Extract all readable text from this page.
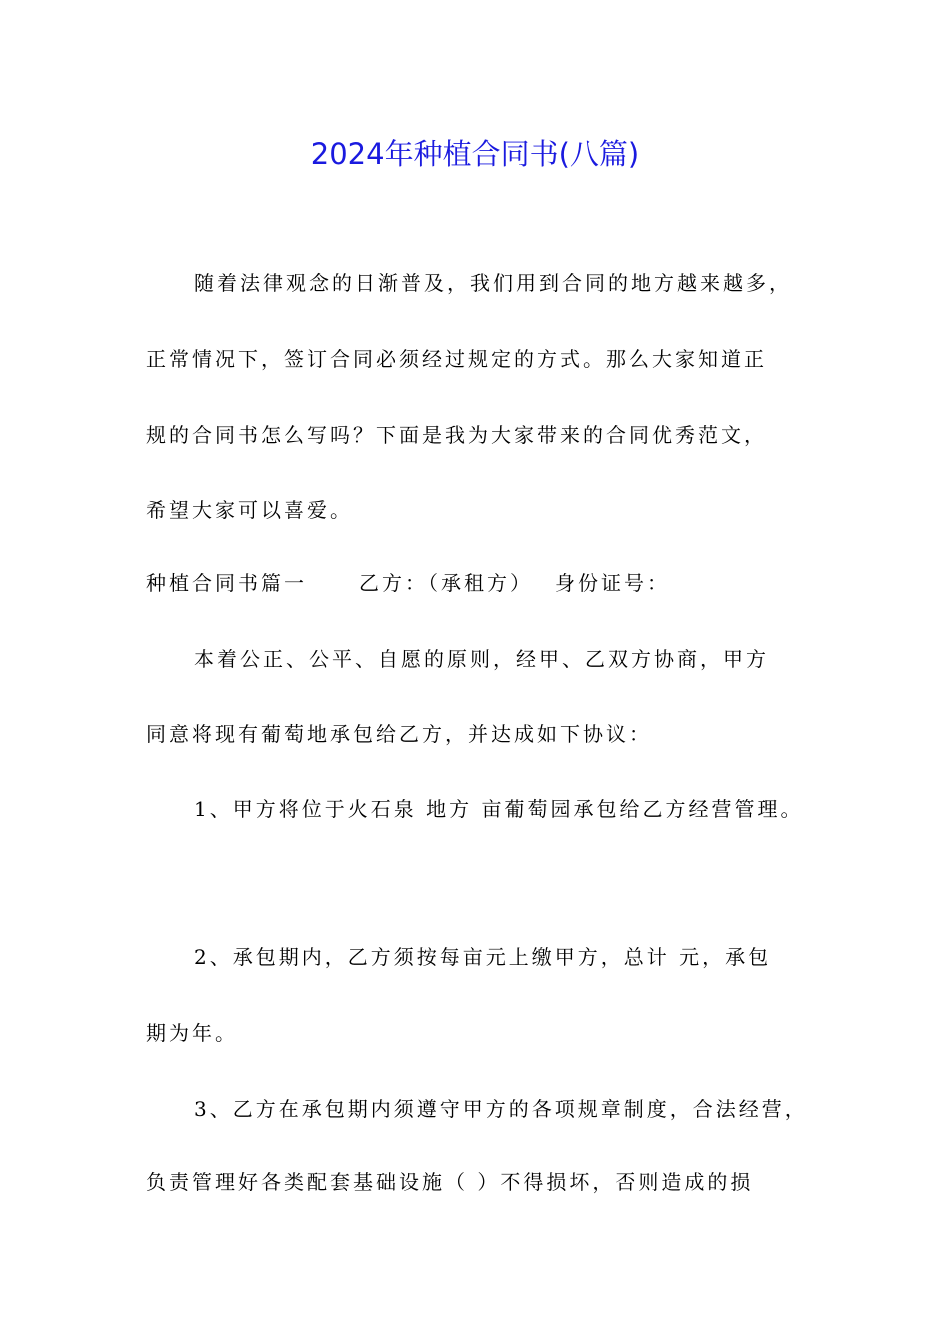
2024年种植合同书(八篇)
随着法律观念的日渐普及，我们用到合同的地方越来越多，
正常情况下，签订合同必须经过规定的方式。那么大家知道正
规的合同书怎么写吗？下面是我为大家带来的合同优秀范文，
希望大家可以喜爱。
种植合同书篇一	乙方：（承租方） 身份证号：
本着公正、公平、自愿的原则，经甲、乙双方协商，甲方
同意将现有葡萄地承包给乙方，并达成如下协议：
1、甲方将位于火石泉 地方 亩葡萄园承包给乙方经营管理。
2、承包期内，乙方须按每亩元上缴甲方，总计 元，承包
期为年。
3、乙方在承包期内须遵守甲方的各项规章制度，合法经营，
负责管理好各类配套基础设施（ ）不得损坏，否则造成的损
